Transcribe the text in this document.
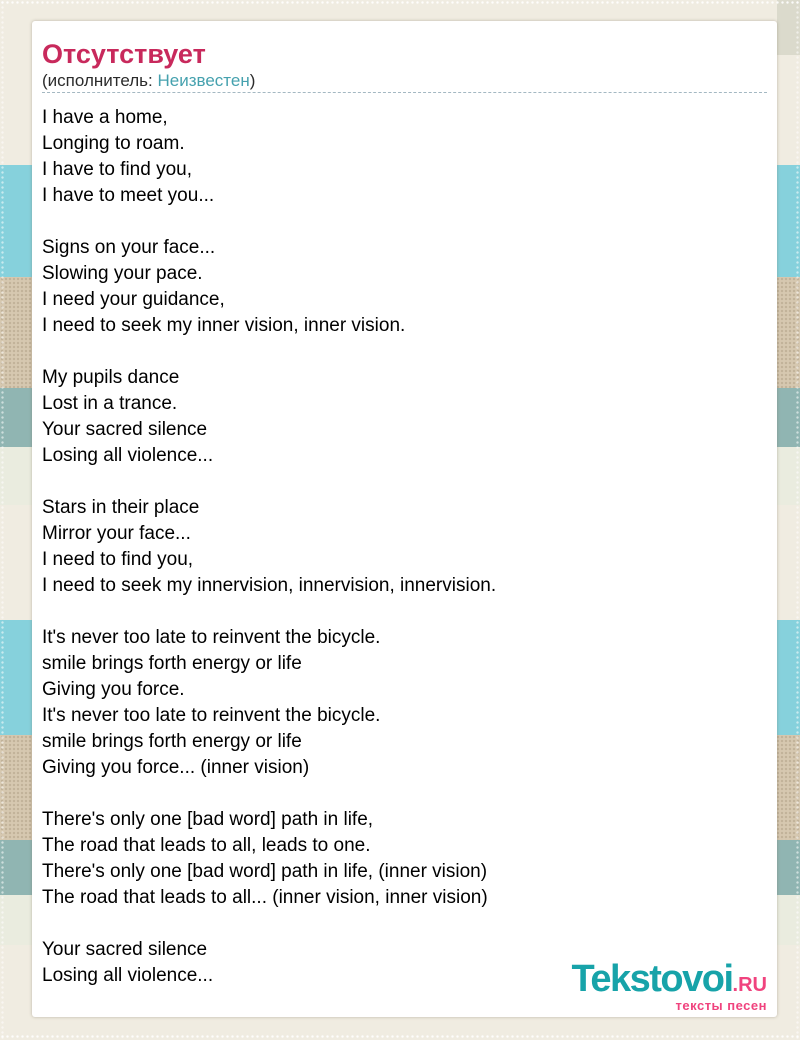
Отсутствует
(исполнитель: Неизвестен)
I have a home,
Longing to roam.
I have to find you,
I have to meet you...
Signs on your face...
Slowing your pace.
I need your guidance,
I need to seek my inner vision, inner vision.
My pupils dance
Lost in a trance.
Your sacred silence
Losing all violence...
Stars in their place
Mirror your face...
I need to find you,
I need to seek my innervision, innervision, innervision.
It's never too late to reinvent the bicycle.
smile brings forth energy or life
Giving you force.
It's never too late to reinvent the bicycle.
smile brings forth energy or life
Giving you force... (inner vision)
There's only one [bad word] path in life,
The road that leads to all, leads to one.
There's only one [bad word] path in life, (inner vision)
The road that leads to all... (inner vision, inner vision)
Your sacred silence
Losing all violence...	Tekstovoi.RU
тексты песен
